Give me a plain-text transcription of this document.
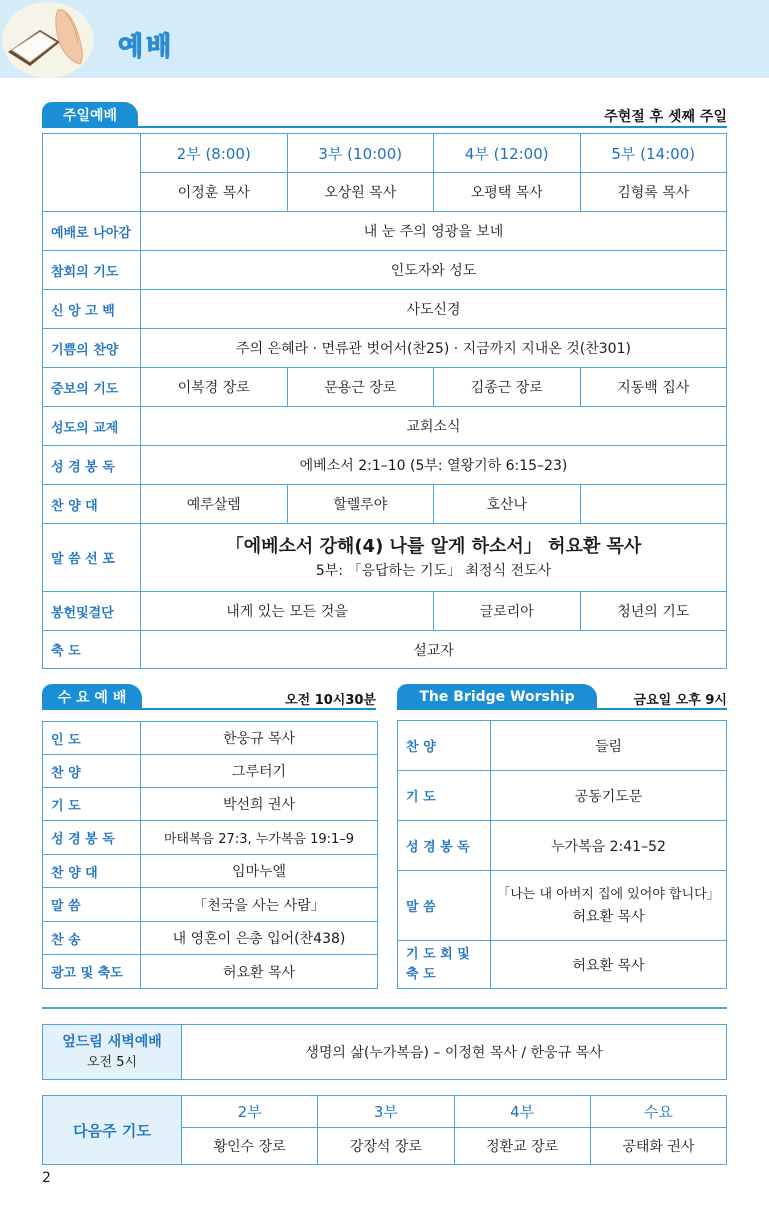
예배
주일예배	주현절 후 셋째 주일
	2부 (8:00)	3부 (10:00)	4부 (12:00)	5부 (14:00)
	이정훈 목사	오상원 목사	오평택 목사	김형록 목사
예배로 나아감	내 눈 주의 영광을 보네			
참회의 기도	인도자와 성도			
신 앙 고 백	사도신경			
기쁨의 찬양	주의 은혜라 · 면류관 벗어서(찬25) · 지금까지 지내온 것(찬301)			
중보의 기도	이복경 장로	문용근 장로	김종근 장로	지동백 집사
성도의 교제	교회소식			
성 경 봉 독	에베소서 2:1–10 (5부: 열왕기하 6:15–23)			
찬 양 대	예루살렘	할렐루야	호산나	
말 씀 선 포	「에베소서 강해(4) 나를 알게 하소서」 허요환 목사
5부: 「응답하는 기도」 최정식 전도사			

봉헌및결단	내게 있는 모든 것을		글로리아	청년의 기도
축 도	설교자			
수 요 예 배	오전 10시30분
인 도	한웅규 목사
찬 양	그루터기
기 도	박선희 권사
성 경 봉 독	마태복음 27:3, 누가복음 19:1–9
찬 양 대	임마누엘
말 씀	「천국을 사는 사람」
찬 송	내 영혼이 은총 입어(찬438)
광고 및 축도	허요환 목사
The Bridge Worship	금요일 오후 9시
찬 양	들림
기 도	공동기도문
성 경 봉 독	누가복음 2:41–52
말 씀	「나는 내 아버지 집에 있어야 합니다」
허요환 목사

기 도 회 및
축 도	허요환 목사
엎드림 새벽예배
오전 5시
	생명의 삶(누가복음) – 이정현 목사 / 한웅규 목사
다음주 기도	2부	3부	4부	수요
	황인수 장로	강장석 장로	정환교 장로	공태화 권사
2
